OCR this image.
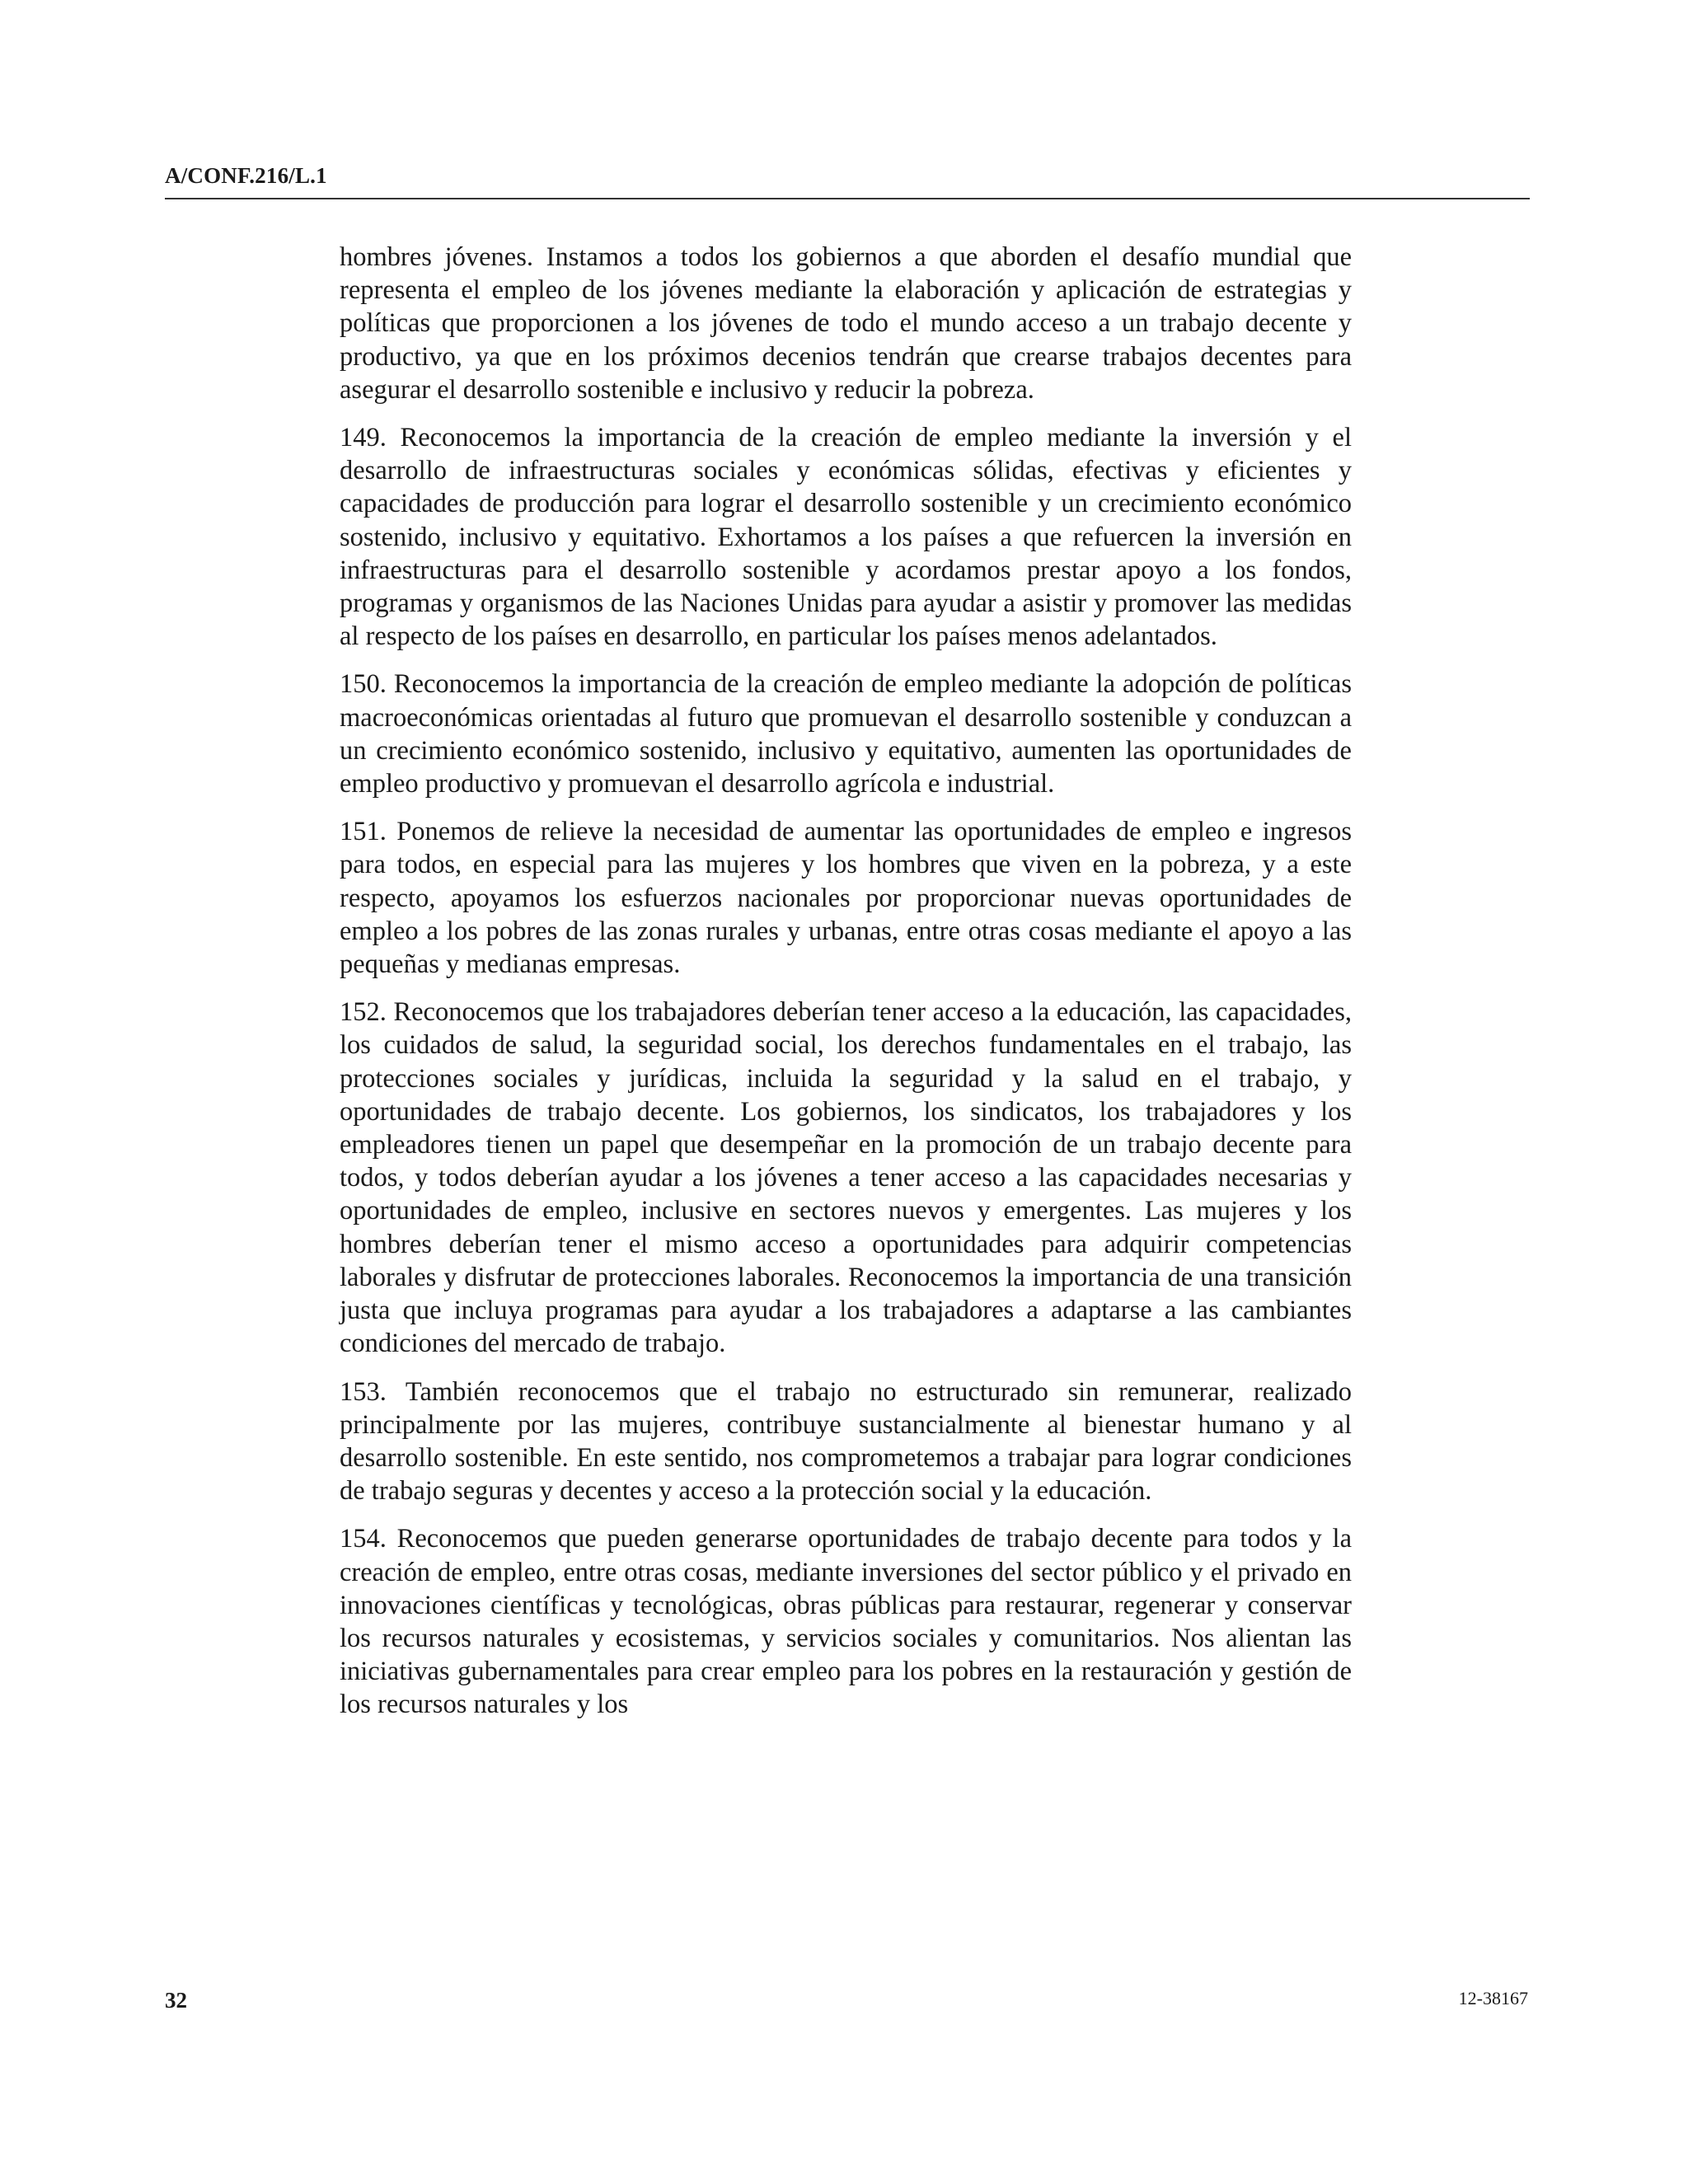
A/CONF.216/L.1

hombres jóvenes. Instamos a todos los gobiernos a que aborden el desafío mundial que representa el empleo de los jóvenes mediante la elaboración y aplicación de estrategias y políticas que proporcionen a los jóvenes de todo el mundo acceso a un trabajo decente y productivo, ya que en los próximos decenios tendrán que crearse trabajos decentes para asegurar el desarrollo sostenible e inclusivo y reducir la pobreza.

149. Reconocemos la importancia de la creación de empleo mediante la inversión y el desarrollo de infraestructuras sociales y económicas sólidas, efectivas y eficientes y capacidades de producción para lograr el desarrollo sostenible y un crecimiento económico sostenido, inclusivo y equitativo. Exhortamos a los países a que refuercen la inversión en infraestructuras para el desarrollo sostenible y acordamos prestar apoyo a los fondos, programas y organismos de las Naciones Unidas para ayudar a asistir y promover las medidas al respecto de los países en desarrollo, en particular los países menos adelantados.

150. Reconocemos la importancia de la creación de empleo mediante la adopción de políticas macroeconómicas orientadas al futuro que promuevan el desarrollo sostenible y conduzcan a un crecimiento económico sostenido, inclusivo y equitativo, aumenten las oportunidades de empleo productivo y promuevan el desarrollo agrícola e industrial.

151. Ponemos de relieve la necesidad de aumentar las oportunidades de empleo e ingresos para todos, en especial para las mujeres y los hombres que viven en la pobreza, y a este respecto, apoyamos los esfuerzos nacionales por proporcionar nuevas oportunidades de empleo a los pobres de las zonas rurales y urbanas, entre otras cosas mediante el apoyo a las pequeñas y medianas empresas.

152. Reconocemos que los trabajadores deberían tener acceso a la educación, las capacidades, los cuidados de salud, la seguridad social, los derechos fundamentales en el trabajo, las protecciones sociales y jurídicas, incluida la seguridad y la salud en el trabajo, y oportunidades de trabajo decente. Los gobiernos, los sindicatos, los trabajadores y los empleadores tienen un papel que desempeñar en la promoción de un trabajo decente para todos, y todos deberían ayudar a los jóvenes a tener acceso a las capacidades necesarias y oportunidades de empleo, inclusive en sectores nuevos y emergentes. Las mujeres y los hombres deberían tener el mismo acceso a oportunidades para adquirir competencias laborales y disfrutar de protecciones laborales. Reconocemos la importancia de una transición justa que incluya programas para ayudar a los trabajadores a adaptarse a las cambiantes condiciones del mercado de trabajo.

153. También reconocemos que el trabajo no estructurado sin remunerar, realizado principalmente por las mujeres, contribuye sustancialmente al bienestar humano y al desarrollo sostenible. En este sentido, nos comprometemos a trabajar para lograr condiciones de trabajo seguras y decentes y acceso a la protección social y la educación.

154. Reconocemos que pueden generarse oportunidades de trabajo decente para todos y la creación de empleo, entre otras cosas, mediante inversiones del sector público y el privado en innovaciones científicas y tecnológicas, obras públicas para restaurar, regenerar y conservar los recursos naturales y ecosistemas, y servicios sociales y comunitarios. Nos alientan las iniciativas gubernamentales para crear empleo para los pobres en la restauración y gestión de los recursos naturales y los

32	12-38167
